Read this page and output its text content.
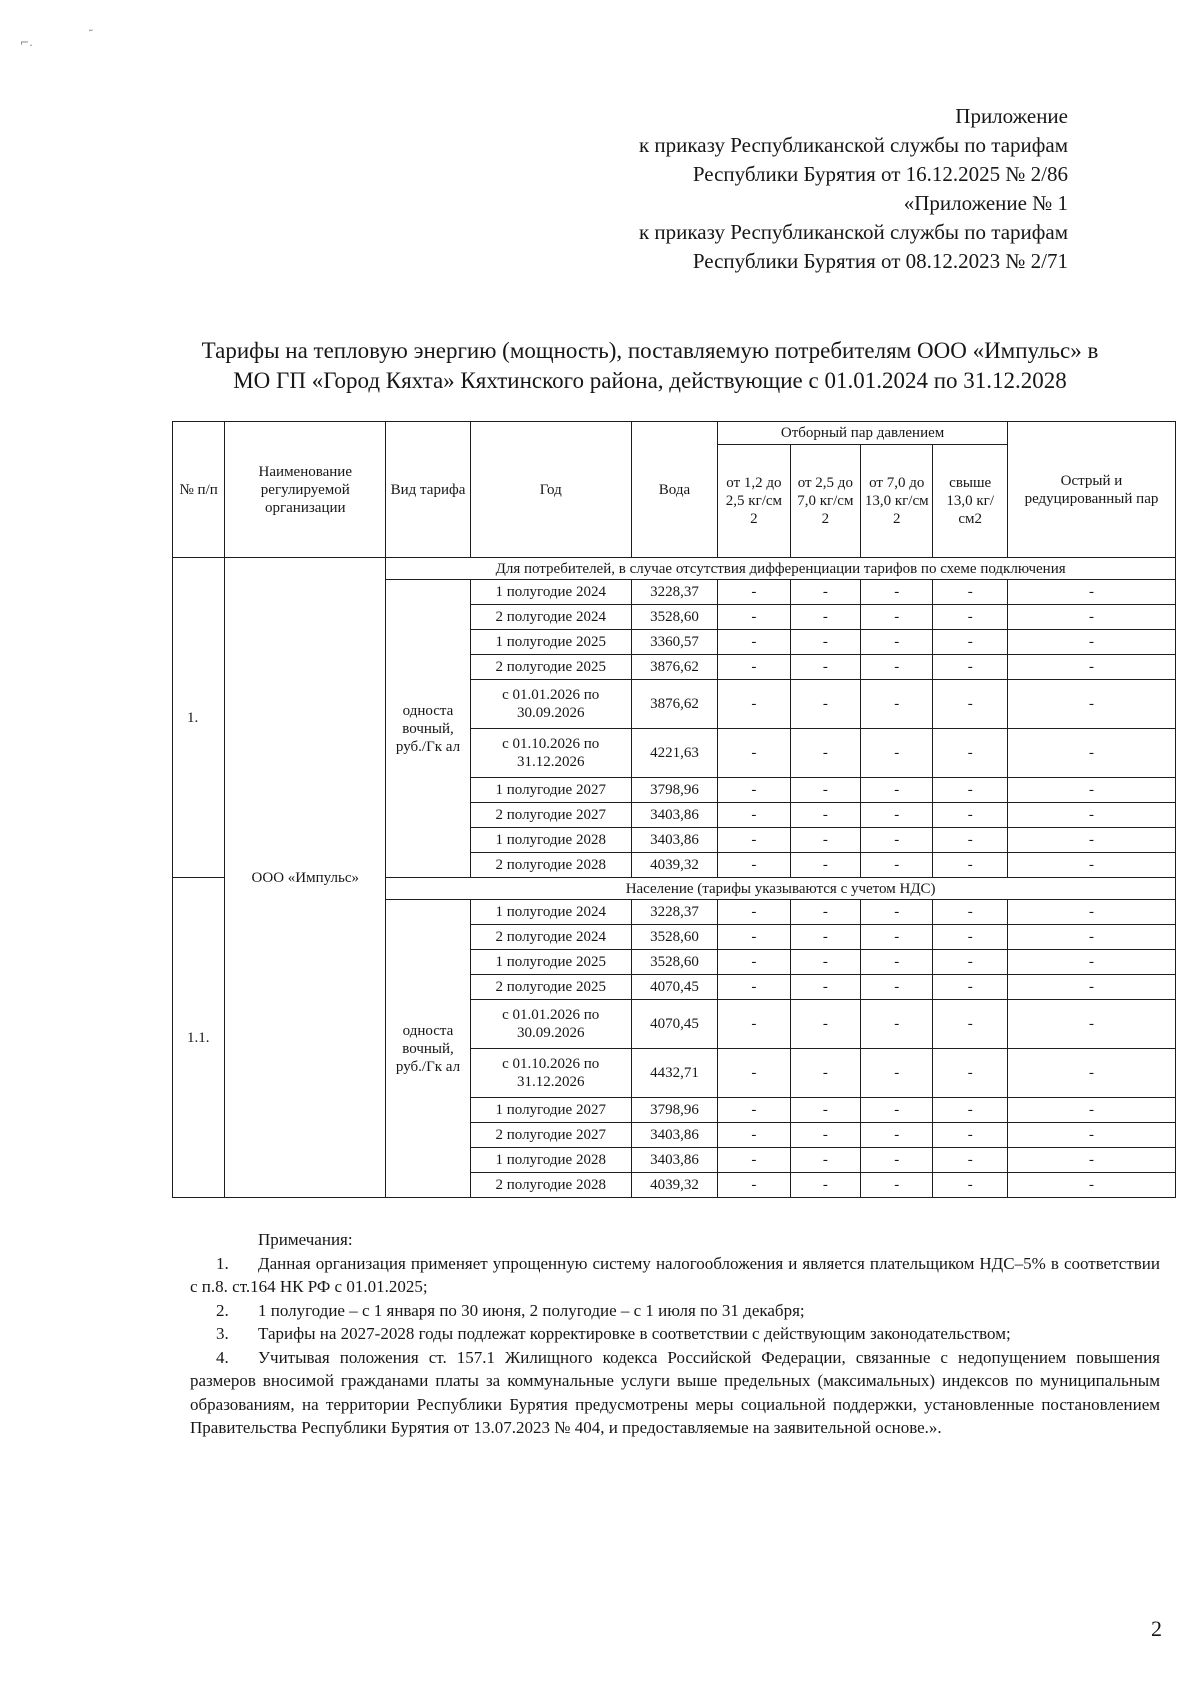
⌐.
˜
Приложение
к приказу Республиканской службы по тарифам
Республики Бурятия от 16.12.2025 № 2/86
«Приложение № 1
к приказу Республиканской службы по тарифам
Республики Бурятия от 08.12.2023 № 2/71
Тарифы на тепловую энергию (мощность), поставляемую потребителям ООО «Импульс» в
МО ГП «Город Кяхта» Кяхтинского района, действующие с 01.01.2024 по 31.12.2028
№ п/п	Наименование регулируемой организации	Вид тарифа	Год	Вода	Отборный пар давлением				Острый и редуцированный пар
					от 1,2 до 2,5 кг/см 2	от 2,5 до 7,0 кг/см 2	от 7,0 до 13,0 кг/см 2	свыше 13,0 кг/см2	
1.	ООО «Импульс»	Для потребителей, в случае отсутствия дифференциации тарифов по схеме подключения							
		односта вочный, руб./Гк ал	1 полугодие 2024	3228,37	-	-	-	-	-
			2 полугодие 2024	3528,60	-	-	-	-	-
			1 полугодие 2025	3360,57	-	-	-	-	-
			2 полугодие 2025	3876,62	-	-	-	-	-
			с 01.01.2026 по 30.09.2026	3876,62	-	-	-	-	-
			с 01.10.2026 по 31.12.2026	4221,63	-	-	-	-	-
			1 полугодие 2027	3798,96	-	-	-	-	-
			2 полугодие 2027	3403,86	-	-	-	-	-
			1 полугодие 2028	3403,86	-	-	-	-	-
			2 полугодие 2028	4039,32	-	-	-	-	-
1.1.		Население (тарифы указываются с учетом НДС)							
		односта вочный, руб./Гк ал	1 полугодие 2024	3228,37	-	-	-	-	-
			2 полугодие 2024	3528,60	-	-	-	-	-
			1 полугодие 2025	3528,60	-	-	-	-	-
			2 полугодие 2025	4070,45	-	-	-	-	-
			с 01.01.2026 по 30.09.2026	4070,45	-	-	-	-	-
			с 01.10.2026 по 31.12.2026	4432,71	-	-	-	-	-
			1 полугодие 2027	3798,96	-	-	-	-	-
			2 полугодие 2027	3403,86	-	-	-	-	-
			1 полугодие 2028	3403,86	-	-	-	-	-
			2 полугодие 2028	4039,32	-	-	-	-	-
Примечания:
1. Данная организация применяет упрощенную систему налогообложения и является плательщиком НДС–5% в соответствии с п.8. ст.164 НК РФ с 01.01.2025;
2. 1 полугодие – с 1 января по 30 июня, 2 полугодие – с 1 июля по 31 декабря;
3. Тарифы на 2027-2028 годы подлежат корректировке в соответствии с действующим законодательством;
4. Учитывая положения ст. 157.1 Жилищного кодекса Российской Федерации, связанные с недопущением повышения размеров вносимой гражданами платы за коммунальные услуги выше предельных (максимальных) индексов по муниципальным образованиям, на территории Республики Бурятия предусмотрены меры социальной поддержки, установленные постановлением Правительства Республики Бурятия от 13.07.2023 № 404, и предоставляемые на заявительной основе.».
2
